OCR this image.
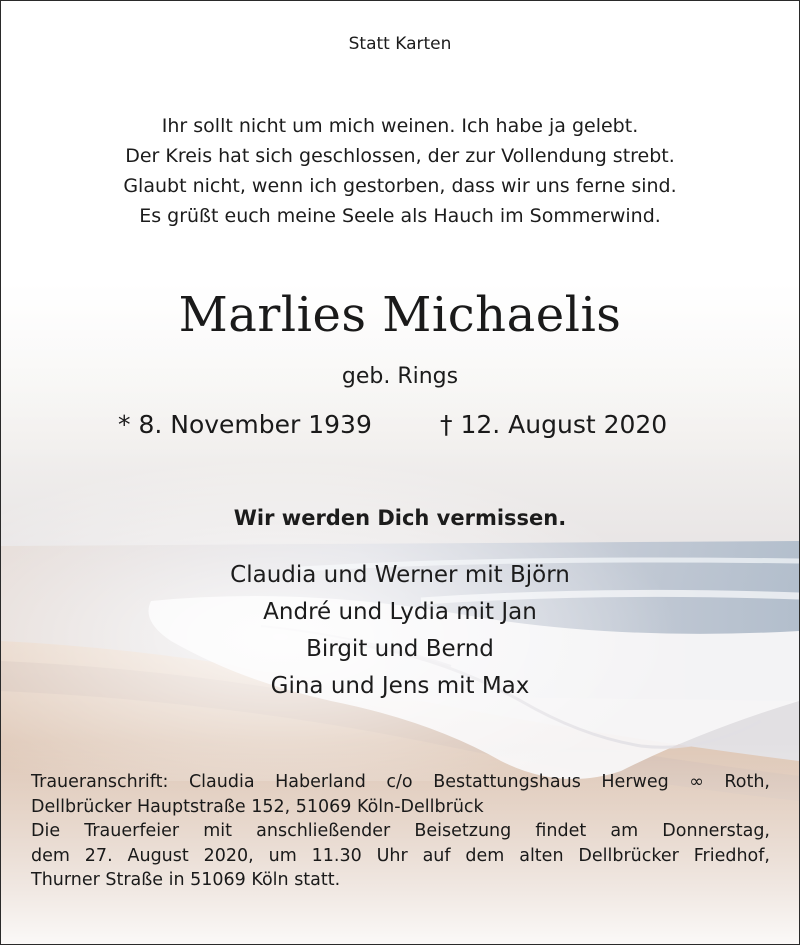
Statt Karten
Ihr sollt nicht um mich weinen. Ich habe ja gelebt.
Der Kreis hat sich geschlossen, der zur Vollendung strebt.
Glaubt nicht, wenn ich gestorben, dass wir uns ferne sind.
Es grüßt euch meine Seele als Hauch im Sommerwind.
Marlies Michaelis
geb. Rings
* 8. November 1939	† 12. August 2020
Wir werden Dich vermissen.
Claudia und Werner mit Björn
André und Lydia mit Jan
Birgit und Bernd
Gina und Jens mit Max
Traueranschrift: Claudia Haberland c/o Bestattungshaus Herweg ∞ Roth,
Dellbrücker Hauptstraße 152, 51069 Köln-Dellbrück
Die Trauerfeier mit anschließender Beisetzung findet am Donnerstag,
dem 27. August 2020, um 11.30 Uhr auf dem alten Dellbrücker Friedhof,
Thurner Straße in 51069 Köln statt.
